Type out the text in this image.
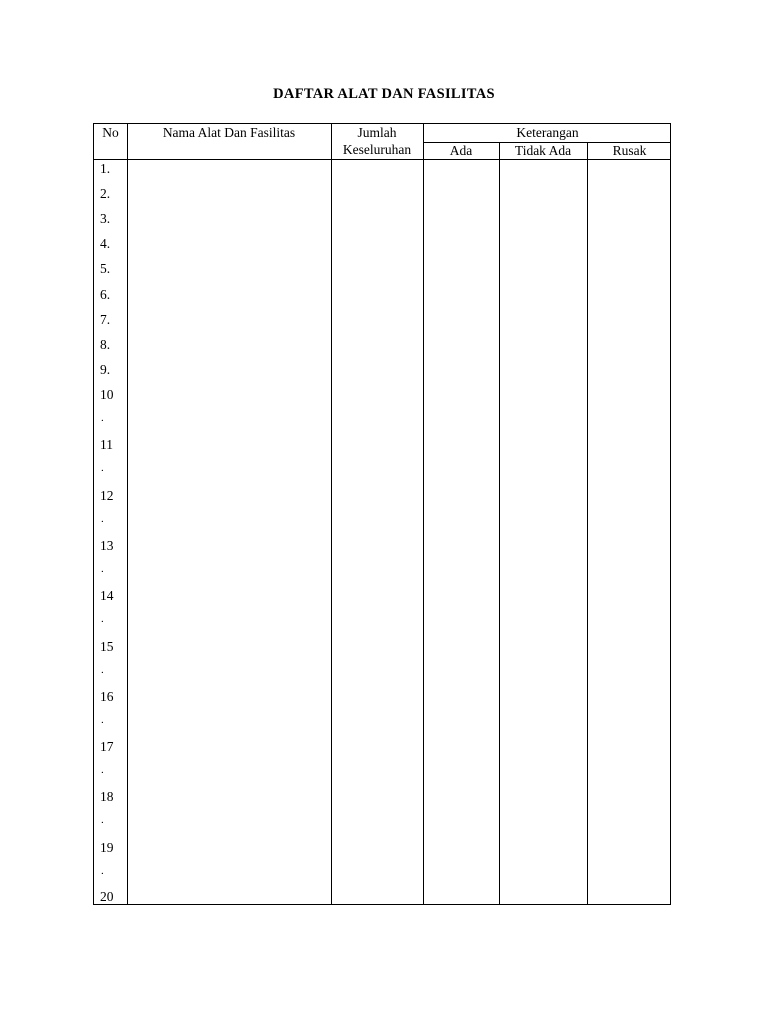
DAFTAR ALAT DAN FASILITAS
No	Nama Alat Dan Fasilitas	Jumlah
Keseluruhan
Keterangan
Ada	Tidak Ada	Rusak
1.
2.
3.
4.
5.
6.
7.
8.
9.
10
.
11
.
12
.
13
.
14
.
15
.
16
.
17
.
18
.
19
.
20
